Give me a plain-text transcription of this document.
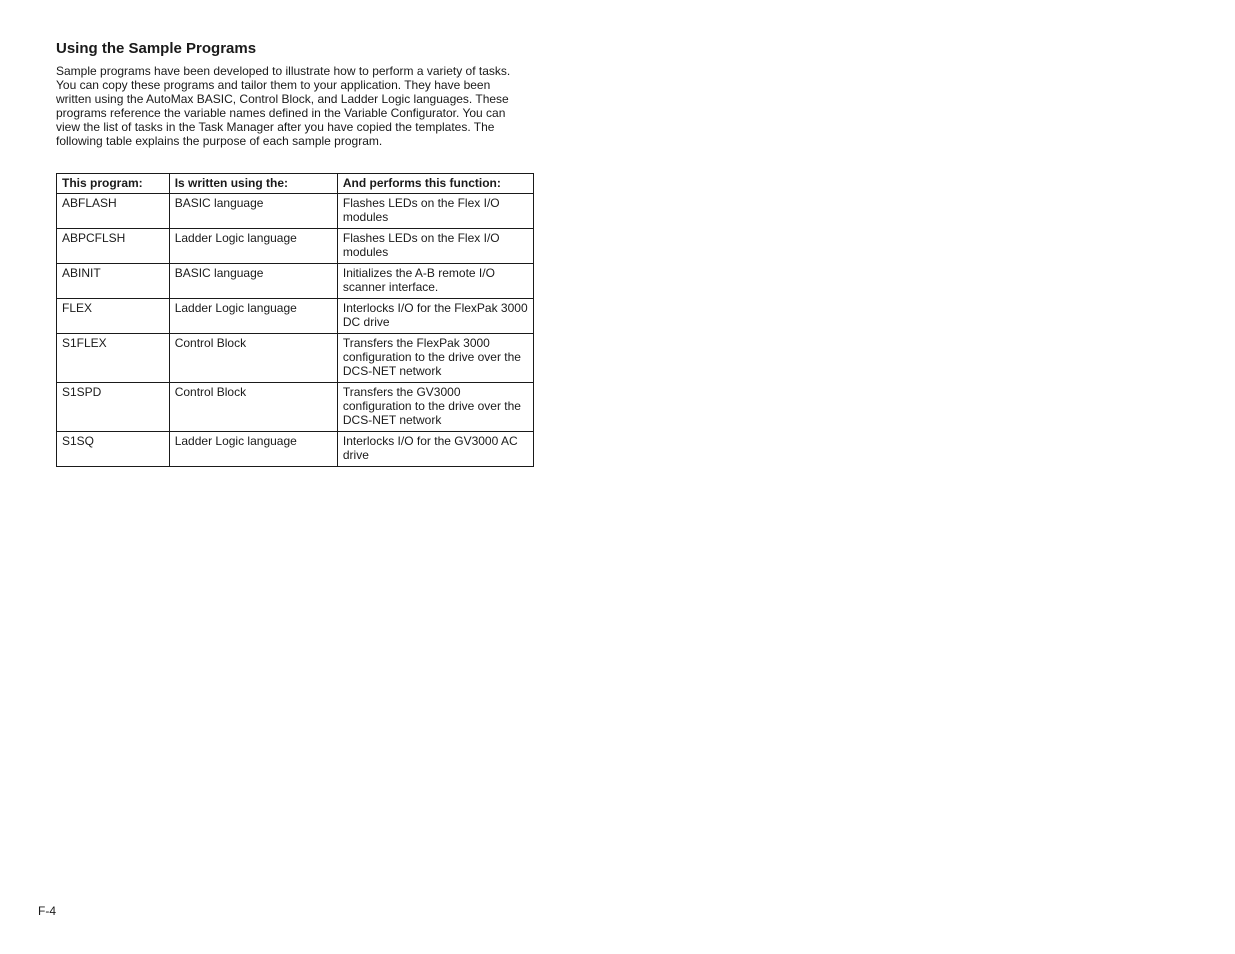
Using the Sample Programs

Sample programs have been developed to illustrate how to perform a variety of tasks. You can copy these programs and tailor them to your application. They have been written using the AutoMax BASIC, Control Block, and Ladder Logic languages. These programs reference the variable names defined in the Variable Configurator. You can view the list of tasks in the Task Manager after you have copied the templates. The following table explains the purpose of each sample program.

This program:	Is written using the:	And performs this function:
ABFLASH	BASIC language	Flashes LEDs on the Flex I/O modules
ABPCFLSH	Ladder Logic language	Flashes LEDs on the Flex I/O modules
ABINIT	BASIC language	Initializes the A-B remote I/O scanner interface.
FLEX	Ladder Logic language	Interlocks I/O for the FlexPak 3000 DC drive
S1FLEX	Control Block	Transfers the FlexPak 3000 configuration to the drive over the DCS-NET network
S1SPD	Control Block	Transfers the GV3000 configuration to the drive over the DCS-NET network
S1SQ	Ladder Logic language	Interlocks I/O for the GV3000 AC drive

F-4
